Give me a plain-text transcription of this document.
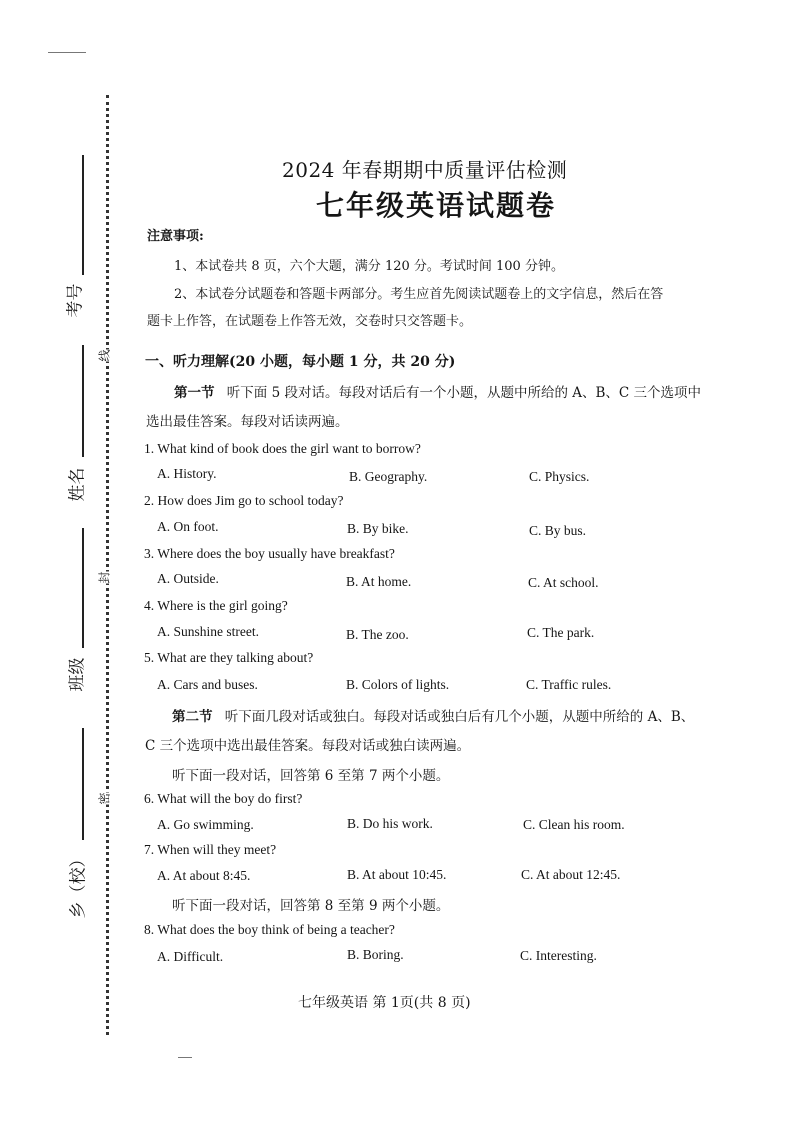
线
封
密
考号
姓名
班级
乡（校）
2024 年春期期中质量评估检测
七年级英语试题卷
注意事项:
1、本试卷共 8 页，六个大题，满分 120 分。考试时间 100 分钟。
2、本试卷分试题卷和答题卡两部分。考生应首先阅读试题卷上的文字信息，然后在答
题卡上作答，在试题卷上作答无效，交卷时只交答题卡。
一、听力理解(20 小题，每小题 1 分，共 20 分)
第一节 听下面 5 段对话。每段对话后有一个小题，从题中所给的 A、B、C 三个选项中
选出最佳答案。每段对话读两遍。
1. What kind of book does the girl want to borrow?
A. History.	B. Geography.	C. Physics.
2. How does Jim go to school today?
A. On foot.	B. By bike.	C. By bus.
3. Where does the boy usually have breakfast?
A. Outside.	B. At home.	C. At school.
4. Where is the girl going?
A. Sunshine street.	B. The zoo.	C. The park.
5. What are they talking about?
A. Cars and buses.	B. Colors of lights.	C. Traffic rules.
第二节 听下面几段对话或独白。每段对话或独白后有几个小题，从题中所给的 A、B、
C 三个选项中选出最佳答案。每段对话或独白读两遍。
听下面一段对话，回答第 6 至第 7 两个小题。
6. What will the boy do first?
A. Go swimming.	B. Do his work.	C. Clean his room.
7. When will they meet?
A. At about 8:45.	B. At about 10:45.	C. At about 12:45.
听下面一段对话，回答第 8 至第 9 两个小题。
8. What does the boy think of being a teacher?
A. Difficult.	B. Boring.	C. Interesting.
七年级英语 第 1页(共 8 页)
